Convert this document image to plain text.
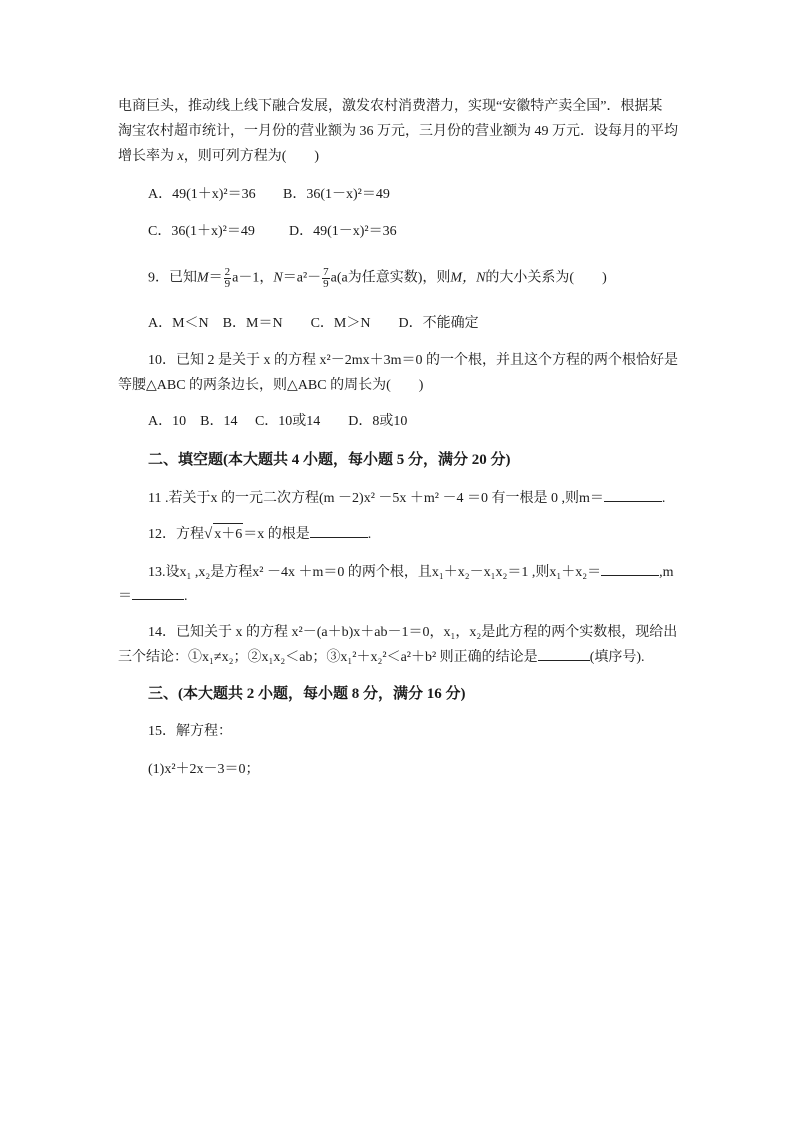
电商巨头，推动线上线下融合发展，激发农村消费潜力，实现“安徽特产卖全国”．根据某
淘宝农村超市统计，一月份的营业额为 36 万元，三月份的营业额为 49 万元．设每月的平均
增长率为 x，则可列方程为(　　)
A．49(1＋x)²＝36 B．36(1－x)²＝49
C．36(1＋x)²＝49 D．49(1－x)²＝36
9．已知$M= \frac{2}{9} a-1$，$N=a^2- \frac{7}{9} a(a$为任意实数)，则M，N的大小关系为(　　)
A．M＜N　B．M＝N　　C．M＞N　　D．不能确定
10．已知 2 是关于 x 的方程 x²－2mx＋3m＝0 的一个根，并且这个方程的两个根恰好是
等腰△ABC 的两条边长，则△ABC 的周长为(　　)
A．10　B．14　 C．10或14　　D．8或10
二、填空题(本大题共 4 小题，每小题 5 分，满分 20 分)
11 .若关于x 的一元二次方程(m －2)x² －5x ＋m² －4 ＝0 有一根是 0 ,则m＝	.
12．方程√ x＋6＝x 的根是	.
13.设x₁ ,x₂是方程x² －4x ＋m＝0 的两个根，且x₁＋x₂－x₁x₂＝1 ,则x₁＋x₂＝	,m
＝	.
14．已知关于 x 的方程 x²－(a＋b)x＋ab－1＝0，x₁，x₂是此方程的两个实数根，现给出
三个结论：①x₁≠x₂；②x₁x₂＜ab；③x₁²＋x₂²＜a²＋b² 则正确的结论是	(填序号).
三、(本大题共 2 小题，每小题 8 分，满分 16 分)
15．解方程：
(1)x²＋2x－3＝0；
